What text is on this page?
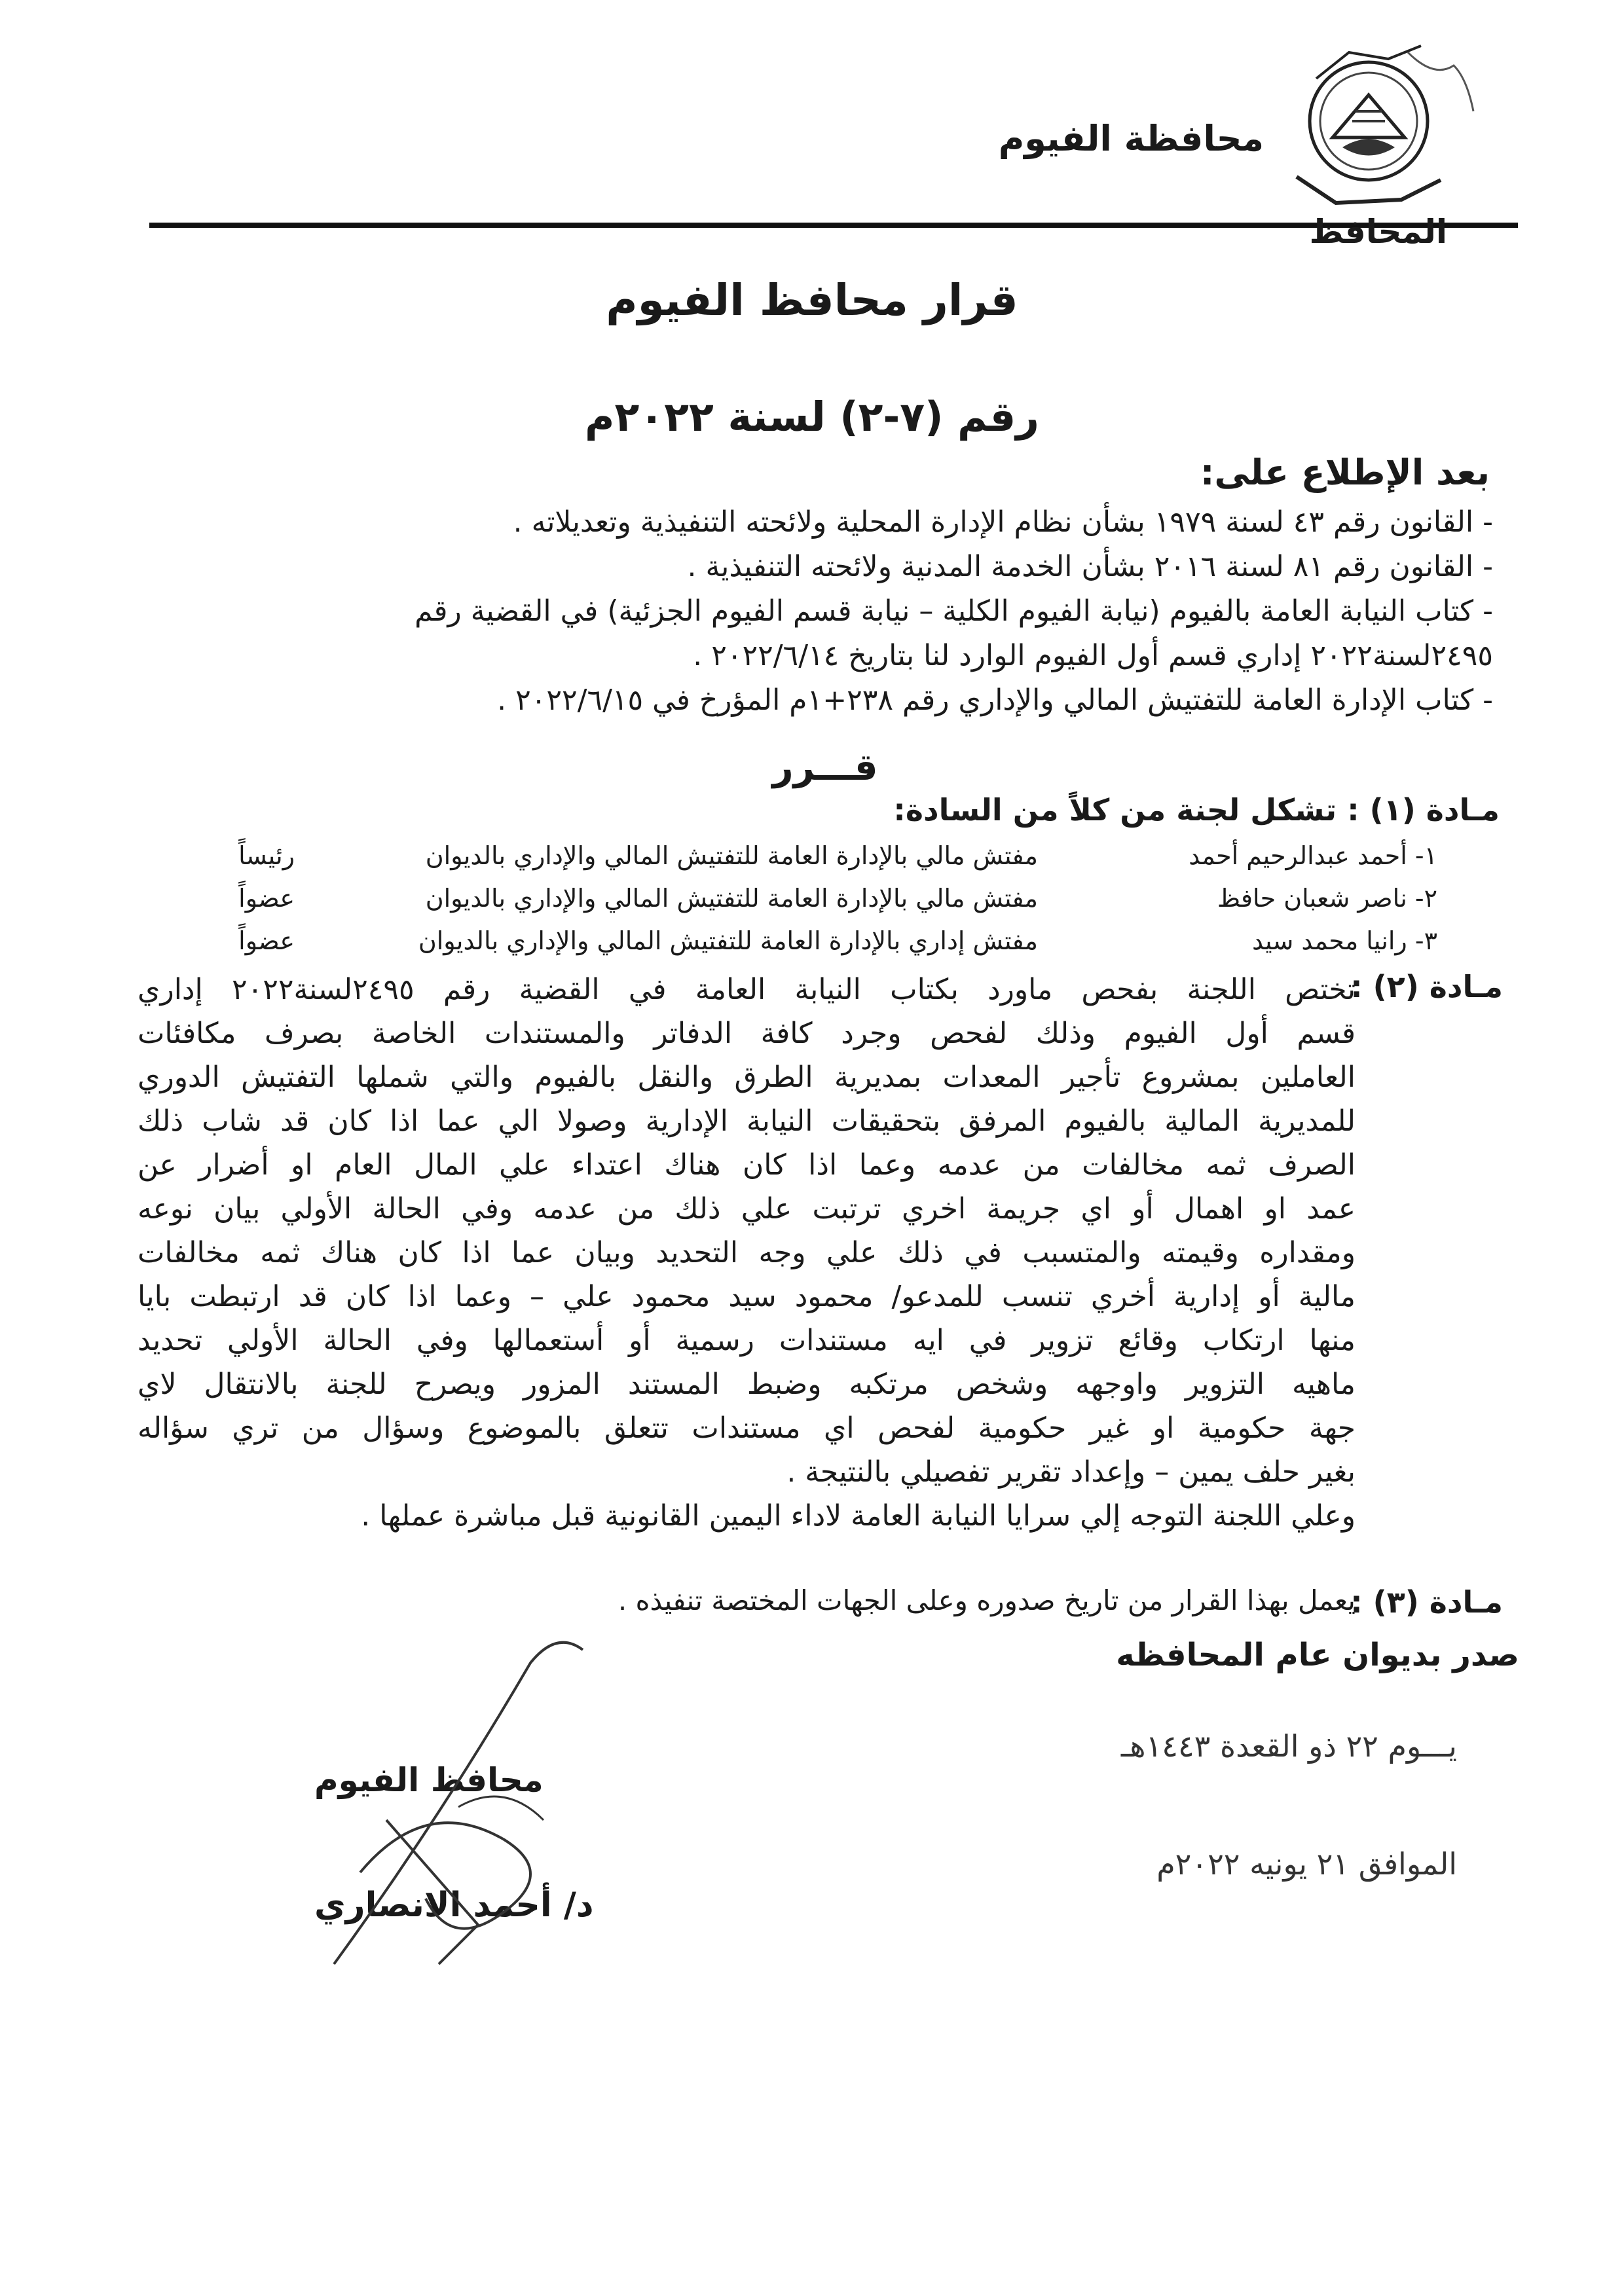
محافظة الفيوم
المحافظ
قرار محافظ الفيوم
رقم (٧-٢) لسنة ٢٠٢٢م
بعد الإطلاع على:
- القانون رقم ٤٣ لسنة ١٩٧٩ بشأن نظام الإدارة المحلية ولائحته التنفيذية وتعديلاته .
- القانون رقم ٨١ لسنة ٢٠١٦ بشأن الخدمة المدنية ولائحته التنفيذية .
- كتاب النيابة العامة بالفيوم (نيابة الفيوم الكلية – نيابة قسم الفيوم الجزئية) في القضية رقم
٢٤٩٥لسنة٢٠٢٢ إداري قسم أول الفيوم الوارد لنا بتاريخ ٢٠٢٢/٦/١٤ .
- كتاب الإدارة العامة للتفتيش المالي والإداري رقم ٢٣٨+١م المؤرخ في ٢٠٢٢/٦/١٥ .
قـــرر
مـادة (١) : تشكل لجنة من كلاً من السادة:
١- أحمد عبدالرحيم أحمد
مفتش مالي بالإدارة العامة للتفتيش المالي والإداري بالديوان
رئيساً
٢- ناصر شعبان حافظ
مفتش مالي بالإدارة العامة للتفتيش المالي والإداري بالديوان
عضواً
٣- رانيا محمد سيد
مفتش إداري بالإدارة العامة للتفتيش المالي والإداري بالديوان
عضواً
مـادة (٢) :
تختص اللجنة بفحص ماورد بكتاب النيابة العامة في القضية رقم ٢٤٩٥لسنة٢٠٢٢ إداري
قسم أول الفيوم وذلك لفحص وجرد كافة الدفاتر والمستندات الخاصة بصرف مكافئات
العاملين بمشروع تأجير المعدات بمديرية الطرق والنقل بالفيوم والتي شملها التفتيش الدوري
للمديرية المالية بالفيوم المرفق بتحقيقات النيابة الإدارية وصولا الي عما اذا كان قد شاب ذلك
الصرف ثمه مخالفات من عدمه وعما اذا كان هناك اعتداء علي المال العام او أضرار عن
عمد او اهمال أو اي جريمة اخري ترتبت علي ذلك من عدمه وفي الحالة الأولي بيان نوعه
ومقداره وقيمته والمتسبب في ذلك علي وجه التحديد وبيان عما اذا كان هناك ثمه مخالفات
مالية أو إدارية أخري تنسب للمدعو/ محمود سيد محمود علي – وعما اذا كان قد ارتبطت بايا
منها ارتكاب وقائع تزوير في ايه مستندات رسمية أو أستعمالها وفي الحالة الأولي تحديد
ماهيه التزوير واوجهه وشخص مرتكبه وضبط المستند المزور ويصرح للجنة بالانتقال لاي
جهة حكومية او غير حكومية لفحص اي مستندات تتعلق بالموضوع وسؤال من تري سؤاله
بغير حلف يمين – وإعداد تقرير تفصيلي بالنتيجة .
وعلي اللجنة التوجه إلي سرايا النيابة العامة لاداء اليمين القانونية قبل مباشرة عملها .
مـادة (٣) :
يعمل بهذا القرار من تاريخ صدوره وعلى الجهات المختصة تنفيذه .
صدر بديوان عام المحافظه
يـــوم ٢٢ ذو القعدة ١٤٤٣هـ
الموافق ٢١ يونيه ٢٠٢٢م
محافظ الفيوم
د/ أحمد الانصاري
